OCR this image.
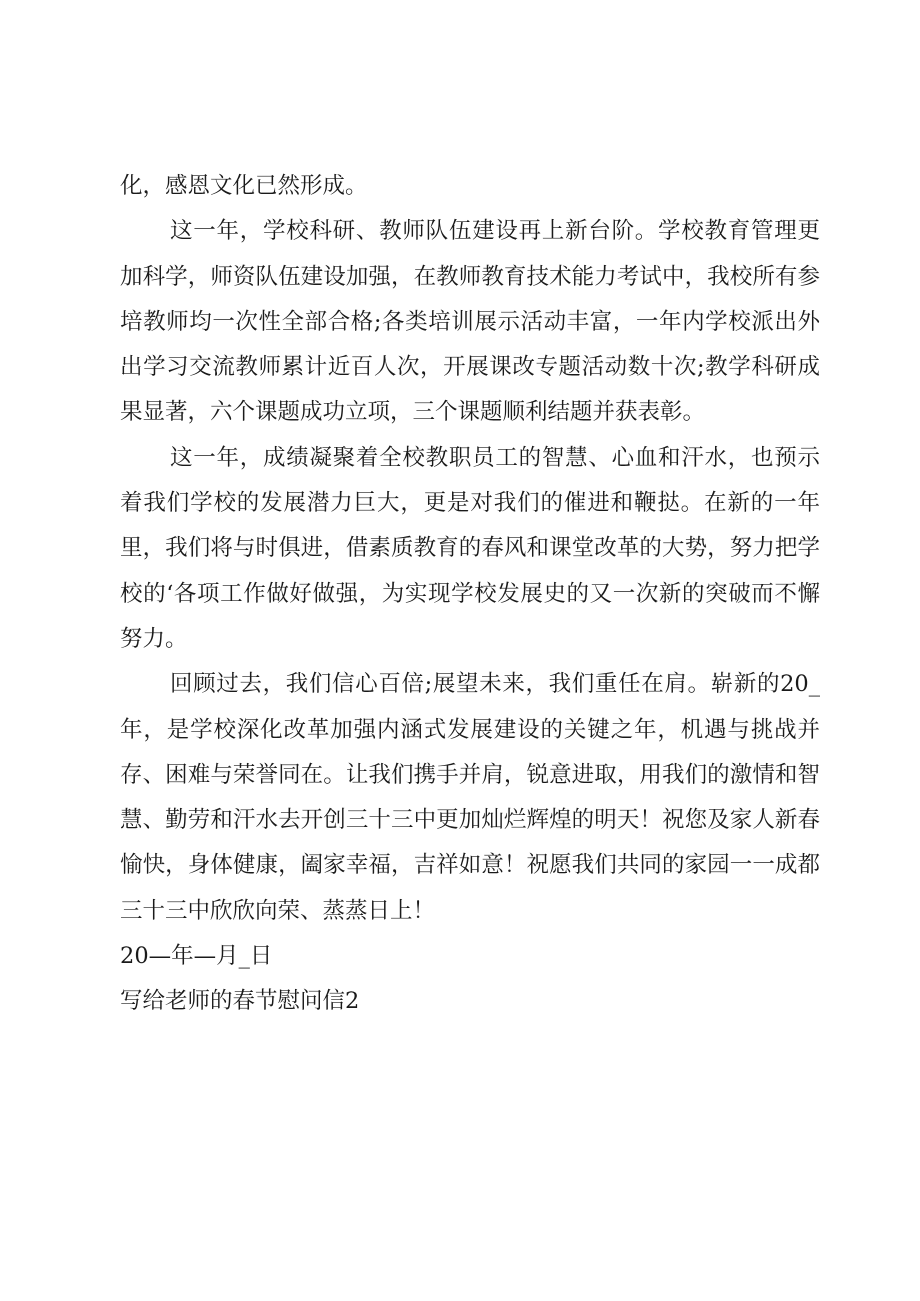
化，感恩文化已然形成。

这一年，学校科研、教师队伍建设再上新台阶。学校教育管理更加科学，师资队伍建设加强，在教师教育技术能力考试中，我校所有参培教师均一次性全部合格;各类培训展示活动丰富，一年内学校派出外出学习交流教师累计近百人次，开展课改专题活动数十次;教学科研成果显著，六个课题成功立项，三个课题顺利结题并获表彰。

这一年，成绩凝聚着全校教职员工的智慧、心血和汗水，也预示着我们学校的发展潜力巨大，更是对我们的催进和鞭挞。在新的一年里，我们将与时俱进，借素质教育的春风和课堂改革的大势，努力把学校的‘各项工作做好做强，为实现学校发展史的又一次新的突破而不懈努力。

回顾过去，我们信心百倍;展望未来，我们重任在肩。崭新的20_年，是学校深化改革加强内涵式发展建设的关键之年，机遇与挑战并存、困难与荣誉同在。让我们携手并肩，锐意进取，用我们的激情和智慧、勤劳和汗水去开创三十三中更加灿烂辉煌的明天！祝您及家人新春愉快，身体健康，阖家幸福，吉祥如意！祝愿我们共同的家园一一成都三十三中欣欣向荣、蒸蒸日上！

20—年—月_日

写给老师的春节慰问信2
